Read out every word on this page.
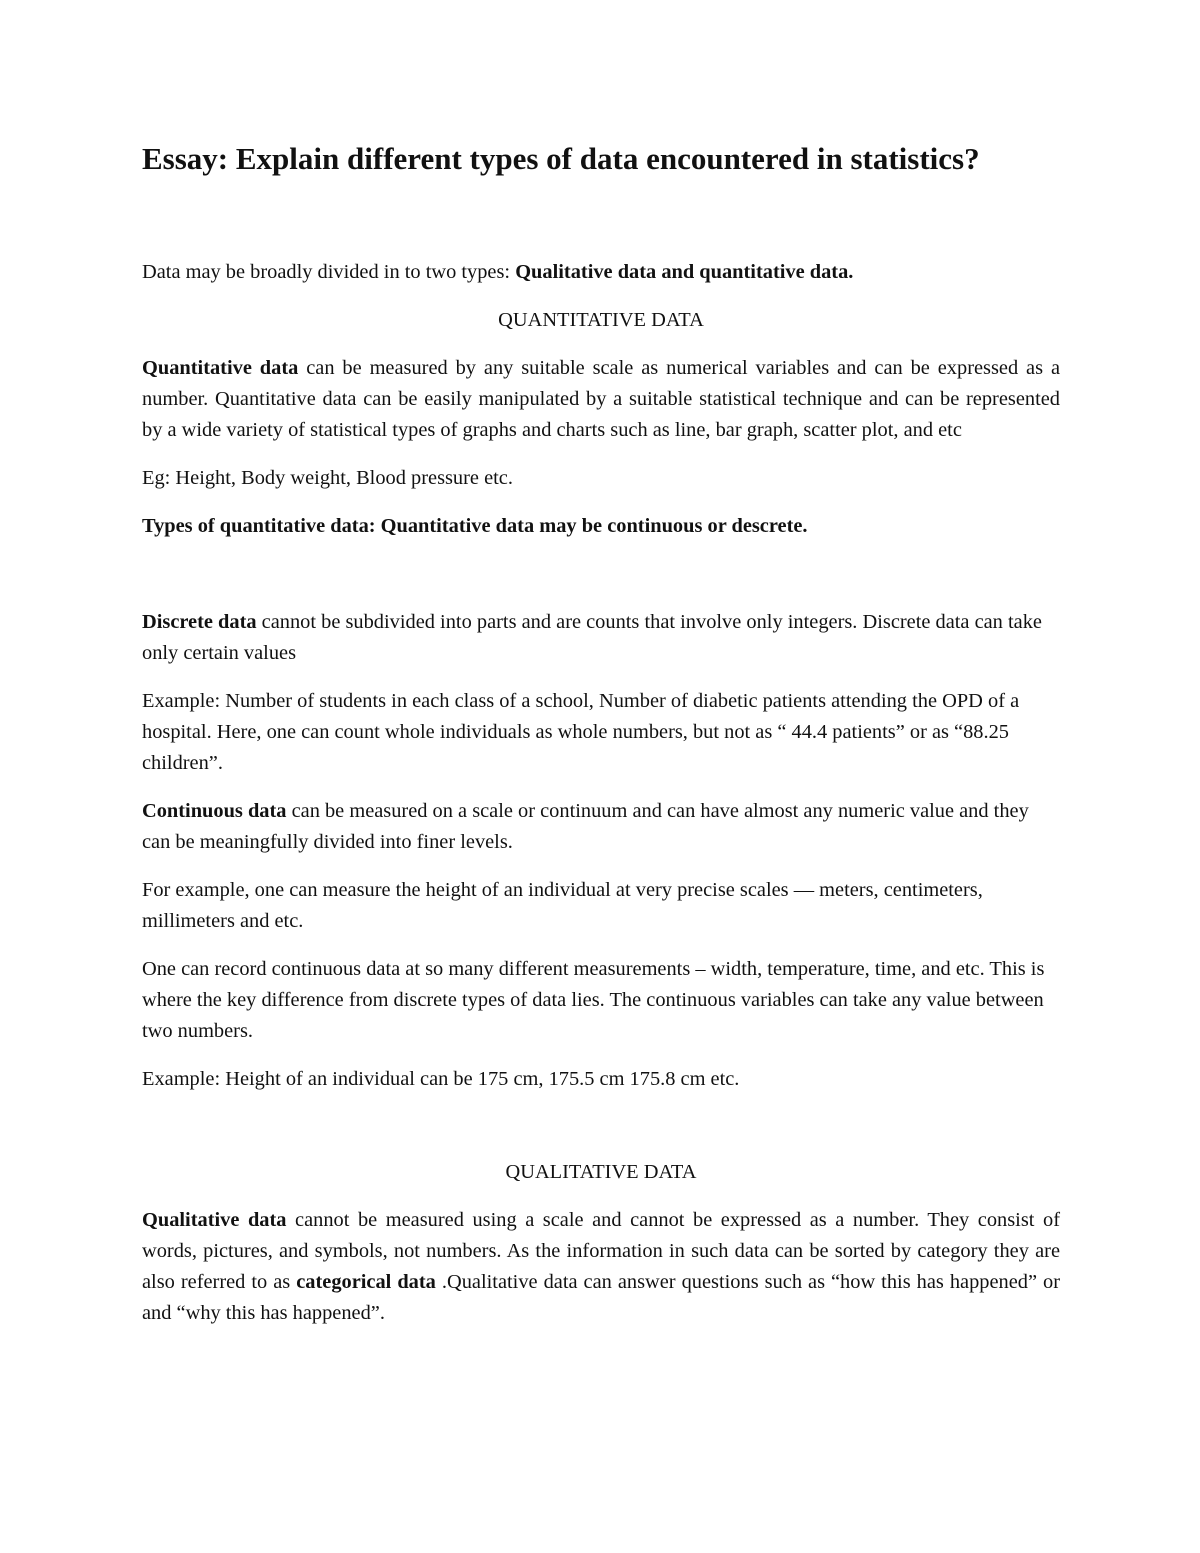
Essay: Explain different types of data encountered in statistics?

Data may be broadly divided in to two types: Qualitative data and quantitative data.

QUANTITATIVE DATA

Quantitative data can be measured by any suitable scale as numerical variables and can be expressed as a number. Quantitative data can be easily manipulated by a suitable statistical technique and can be represented by a wide variety of statistical types of graphs and charts such as line, bar graph, scatter plot, and etc

Eg: Height, Body weight, Blood pressure etc.

Types of quantitative data: Quantitative data may be continuous or descrete.

Discrete data cannot be subdivided into parts and are counts that involve only integers. Discrete data can take only certain values

Example: Number of students in each class of a school, Number of diabetic patients attending the OPD of a hospital. Here, one can count whole individuals as whole numbers, but not as “ 44.4 patients” or as “88.25 children”.

Continuous data can be measured on a scale or continuum and can have almost any numeric value and they can be meaningfully divided into finer levels.

For example, one can measure the height of an individual at very precise scales — meters, centimeters, millimeters and etc.

One can record continuous data at so many different measurements – width, temperature, time, and etc. This is where the key difference from discrete types of data lies. The continuous variables can take any value between two numbers.

Example: Height of an individual can be 175 cm, 175.5 cm 175.8 cm etc.

QUALITATIVE DATA

Qualitative data cannot be measured using a scale and cannot be expressed as a number. They consist of words, pictures, and symbols, not numbers. As the information in such data can be sorted by category they are also referred to as categorical data .Qualitative data can answer questions such as “how this has happened” or and “why this has happened”.
